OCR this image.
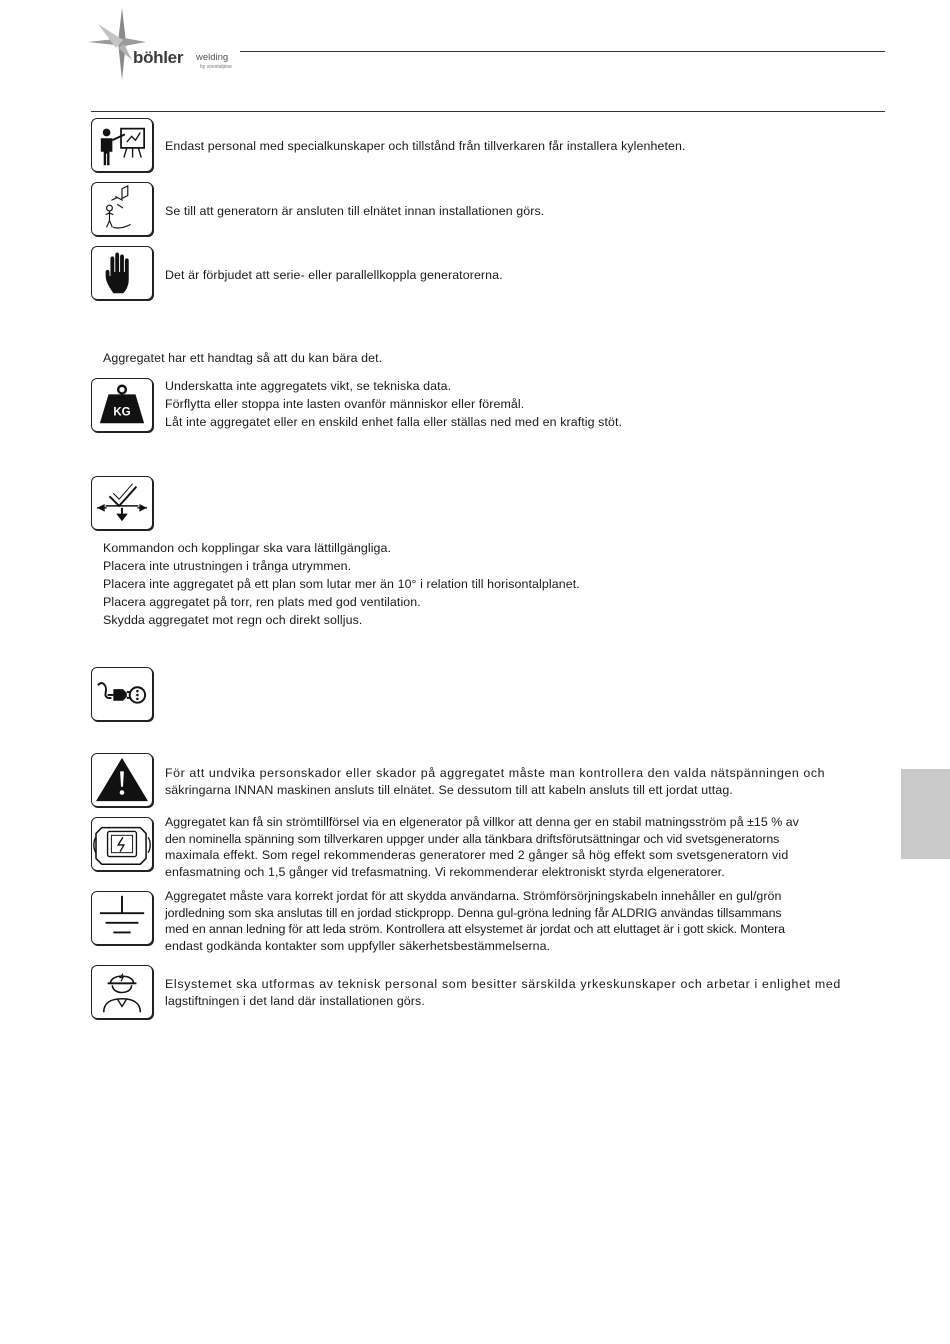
böhler welding
by voestalpine
Endast personal med specialkunskaper och tillstånd från tillverkaren får installera kylenheten.
Se till att generatorn är ansluten till elnätet innan installationen görs.
Det är förbjudet att serie- eller parallellkoppla generatorerna.
Aggregatet har ett handtag så att du kan bära det.
KG
Underskatta inte aggregatets vikt, se tekniska data.
Förflytta eller stoppa inte lasten ovanför människor eller föremål.
Låt inte aggregatet eller en enskild enhet falla eller ställas ned med en kraftig stöt.
Kommandon och kopplingar ska vara lättillgängliga.
Placera inte utrustningen i trånga utrymmen.
Placera inte aggregatet på ett plan som lutar mer än 10° i relation till horisontalplanet.
Placera aggregatet på torr, ren plats med god ventilation.
Skydda aggregatet mot regn och direkt solljus.
För att undvika personskador eller skador på aggregatet måste man kontrollera den valda nätspänningen och
säkringarna INNAN maskinen ansluts till elnätet. Se dessutom till att kabeln ansluts till ett jordat uttag.
Aggregatet kan få sin strömtillförsel via en elgenerator på villkor att denna ger en stabil matningsström på ±15 % av
den nominella spänning som tillverkaren uppger under alla tänkbara driftsförutsättningar och vid svetsgeneratorns
maximala effekt. Som regel rekommenderas generatorer med 2 gånger så hög effekt som svetsgeneratorn vid
enfasmatning och 1,5 gånger vid trefasmatning. Vi rekommenderar elektroniskt styrda elgeneratorer.
Aggregatet måste vara korrekt jordat för att skydda användarna. Strömförsörjningskabeln innehåller en gul/grön
jordledning som ska anslutas till en jordad stickpropp. Denna gul-gröna ledning får ALDRIG användas tillsammans
med en annan ledning för att leda ström. Kontrollera att elsystemet är jordat och att eluttaget är i gott skick. Montera
endast godkända kontakter som uppfyller säkerhetsbestämmelserna.
Elsystemet ska utformas av teknisk personal som besitter särskilda yrkeskunskaper och arbetar i enlighet med
lagstiftningen i det land där installationen görs.
